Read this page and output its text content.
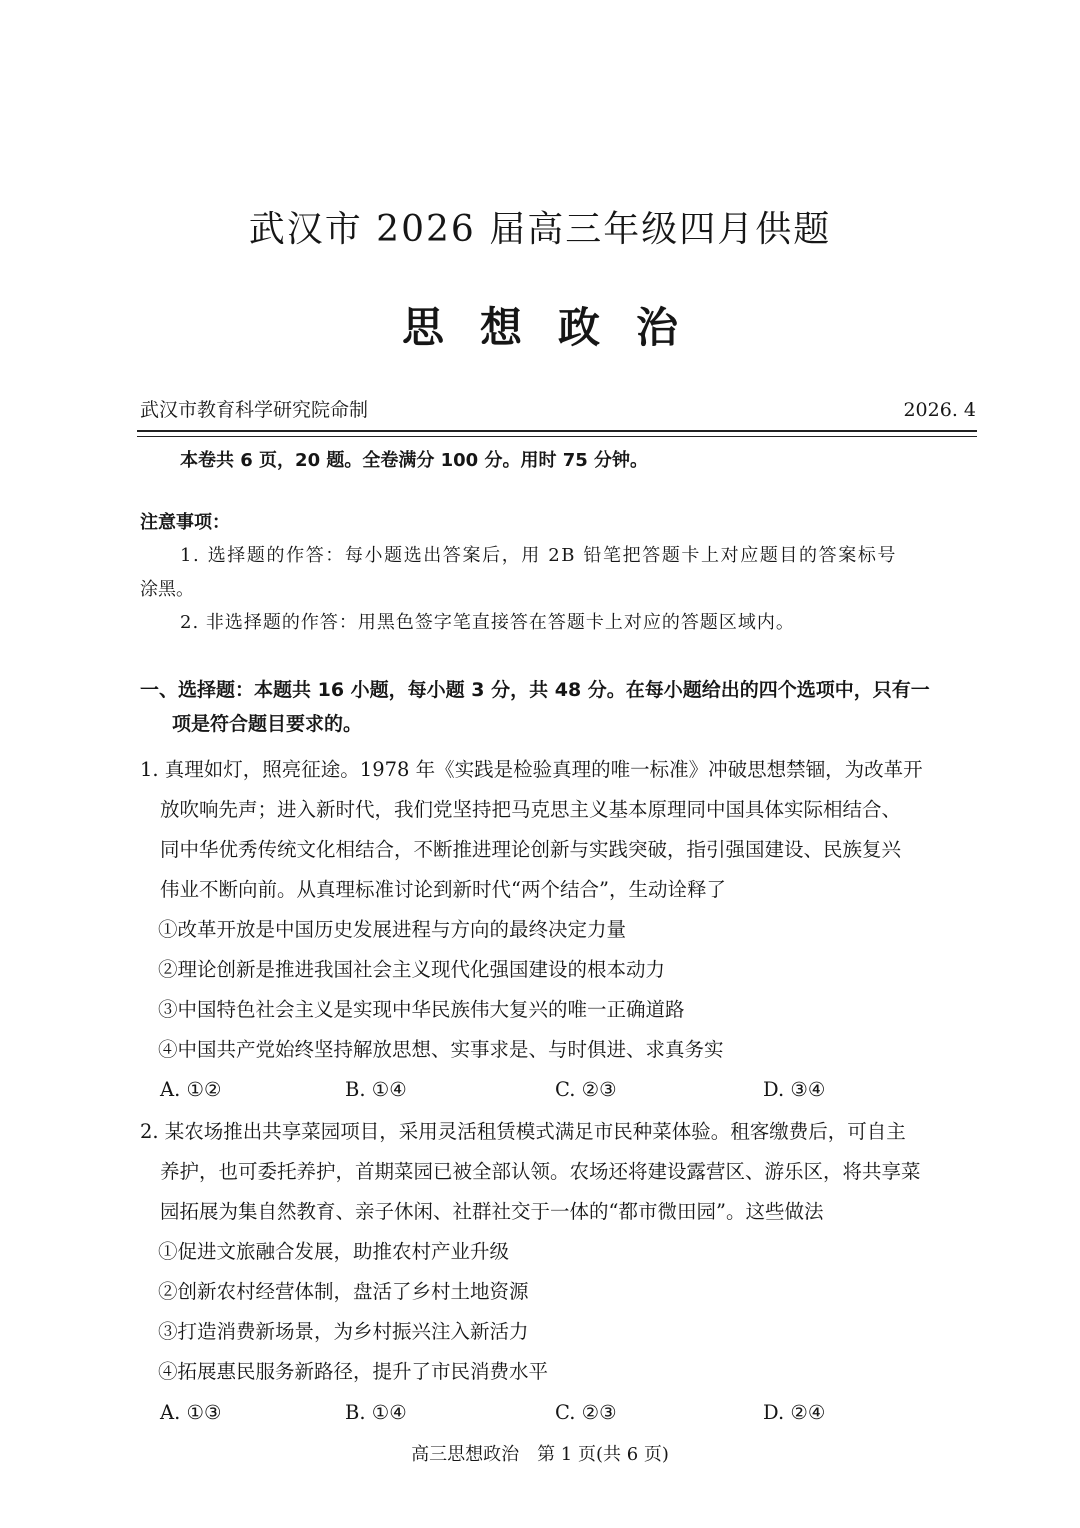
武汉市 2026 届高三年级四月供题
思想政治
武汉市教育科学研究院命制	2026. 4
本卷共 6 页，20 题。全卷满分 100 分。用时 75 分钟。
注意事项：
1. 选择题的作答：每小题选出答案后，用 2B 铅笔把答题卡上对应题目的答案标号
涂黑。
2. 非选择题的作答：用黑色签字笔直接答在答题卡上对应的答题区域内。
一、选择题：本题共 16 小题，每小题 3 分，共 48 分。在每小题给出的四个选项中，只有一
项是符合题目要求的。
1. 真理如灯，照亮征途。1978 年《实践是检验真理的唯一标准》冲破思想禁锢，为改革开
放吹响先声；进入新时代，我们党坚持把马克思主义基本原理同中国具体实际相结合、
同中华优秀传统文化相结合，不断推进理论创新与实践突破，指引强国建设、民族复兴
伟业不断向前。从真理标准讨论到新时代“两个结合”，生动诠释了
①改革开放是中国历史发展进程与方向的最终决定力量
②理论创新是推进我国社会主义现代化强国建设的根本动力
③中国特色社会主义是实现中华民族伟大复兴的唯一正确道路
④中国共产党始终坚持解放思想、实事求是、与时俱进、求真务实
A. ①②	B. ①④	C. ②③	D. ③④
2. 某农场推出共享菜园项目，采用灵活租赁模式满足市民种菜体验。租客缴费后，可自主
养护，也可委托养护，首期菜园已被全部认领。农场还将建设露营区、游乐区，将共享菜
园拓展为集自然教育、亲子休闲、社群社交于一体的“都市微田园”。这些做法
①促进文旅融合发展，助推农村产业升级
②创新农村经营体制，盘活了乡村土地资源
③打造消费新场景，为乡村振兴注入新活力
④拓展惠民服务新路径，提升了市民消费水平
A. ①③	B. ①④	C. ②③	D. ②④
高三思想政治　第 1 页(共 6 页)
